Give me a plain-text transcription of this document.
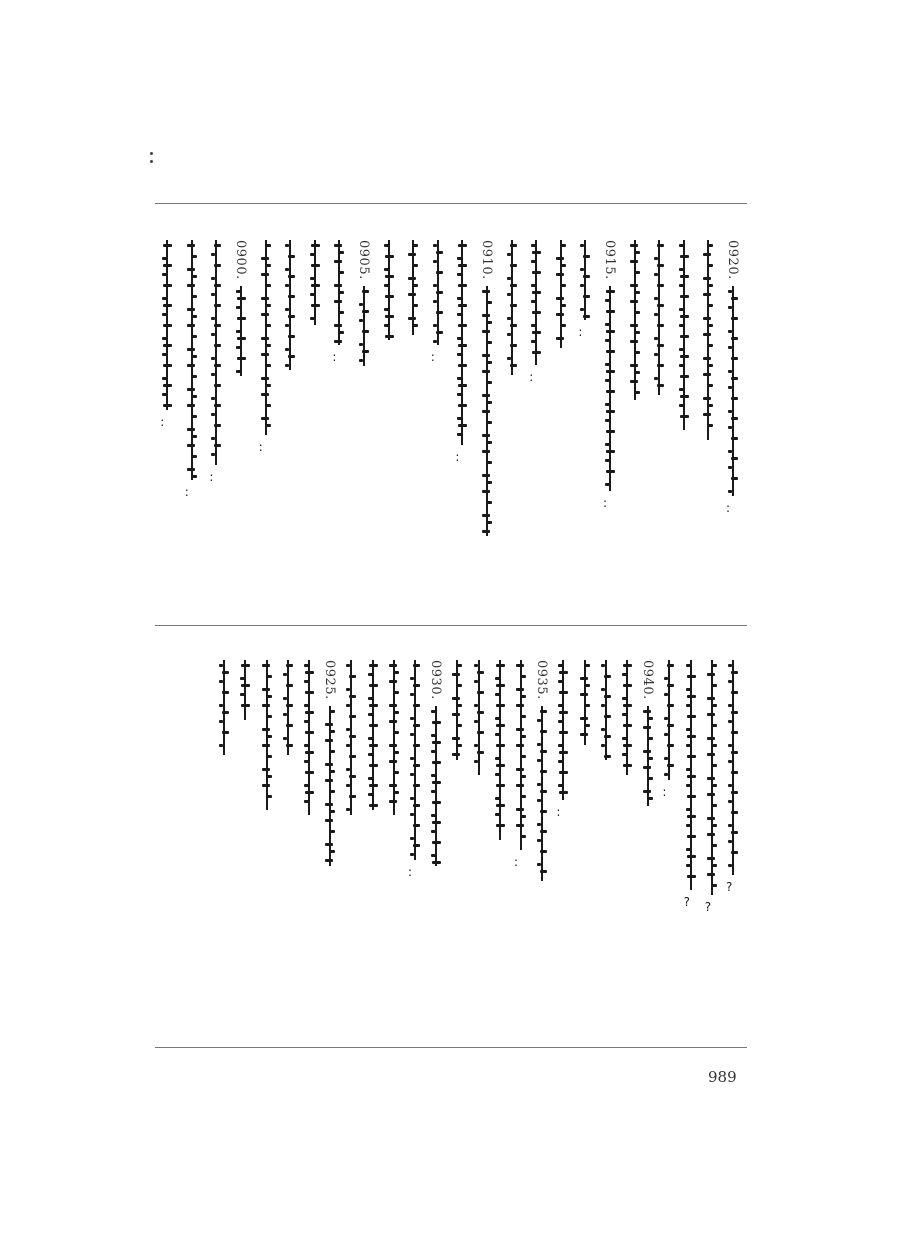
0920.
:
0915.
:
:
:
0910.
:
:
0905.
:
:
0900.
:
:
:
?
?
?
:
0940.
:
0935.
:
0930.
:
0925.
989
